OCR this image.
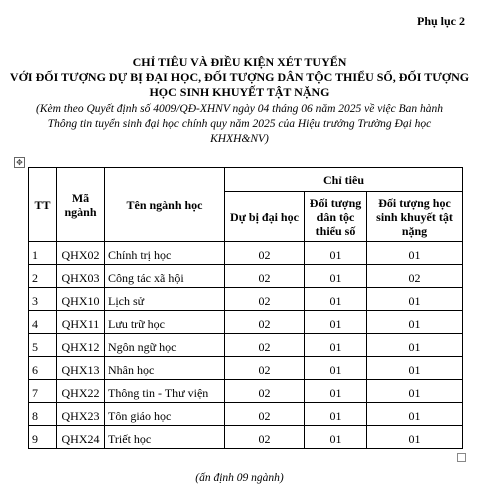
Phụ lục 2
CHỈ TIÊU VÀ ĐIỀU KIỆN XÉT TUYỂN
VỚI ĐỐI TƯỢNG DỰ BỊ ĐẠI HỌC, ĐỐI TƯỢNG DÂN TỘC THIỂU SỐ, ĐỐI TƯỢNG
HỌC SINH KHUYẾT TẬT NẶNG
(Kèm theo Quyết định số 4009/QĐ-XHNV ngày 04 tháng 06 năm 2025 về việc Ban hành
Thông tin tuyển sinh đại học chính quy năm 2025 của Hiệu trưởng Trường Đại học
KHXH&NV)
✥
TT	Mã ngành	Tên ngành học	Chỉ tiêu		
			Dự bị đại học	Đối tượng dân tộc thiểu số	Đối tượng học sinh khuyết tật nặng
1	QHX02	Chính trị học	02	01	01
2	QHX03	Công tác xã hội	02	01	02
3	QHX10	Lịch sử	02	01	01
4	QHX11	Lưu trữ học	02	01	01
5	QHX12	Ngôn ngữ học	02	01	01
6	QHX13	Nhân học	02	01	01
7	QHX22	Thông tin - Thư viện	02	01	01
8	QHX23	Tôn giáo học	02	01	01
9	QHX24	Triết học	02	01	01
(ấn định 09 ngành)
